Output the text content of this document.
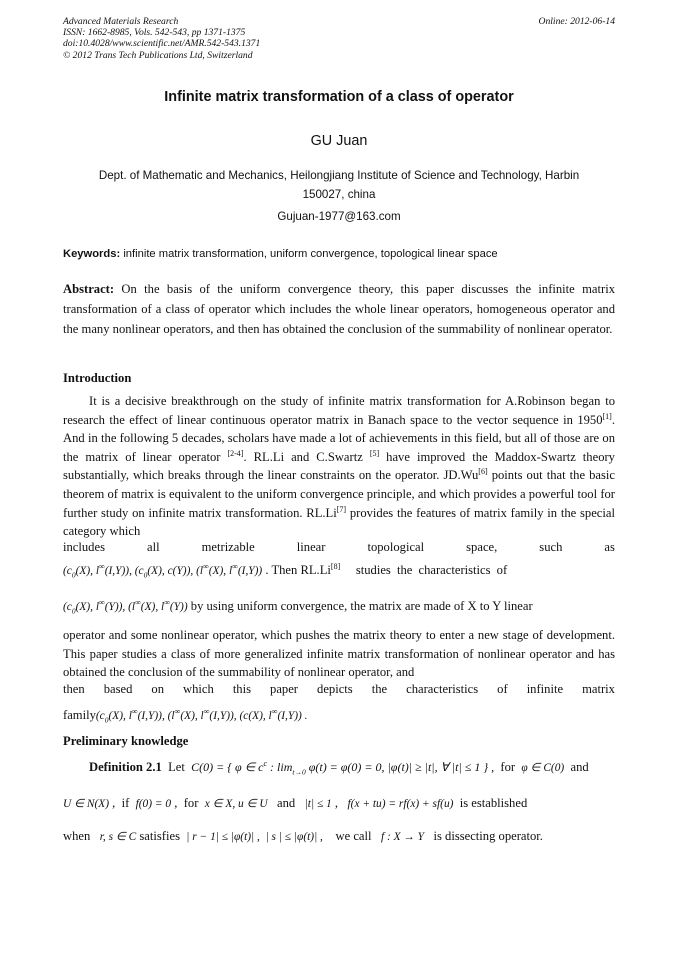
Advanced Materials Research
ISSN: 1662-8985, Vols. 542-543, pp 1371-1375
doi:10.4028/www.scientific.net/AMR.542-543.1371
© 2012 Trans Tech Publications Ltd, Switzerland
Online: 2012-06-14
Infinite matrix transformation of a class of operator
GU Juan
Dept. of Mathematic and Mechanics, Heilongjiang Institute of Science and Technology, Harbin
150027, china
Gujuan-1977@163.com
Keywords: infinite matrix transformation, uniform convergence, topological linear space
Abstract: On the basis of the uniform convergence theory, this paper discusses the infinite matrix transformation of a class of operator which includes the whole linear operators, homogeneous operator and the many nonlinear operators, and then has obtained the conclusion of the summability of nonlinear operator.
Introduction
It is a decisive breakthrough on the study of infinite matrix transformation for A.Robinson began to research the effect of linear continuous operator matrix in Banach space to the vector sequence in 1950[1]. And in the following 5 decades, scholars have made a lot of achievements in this field, but all of those are on the matrix of linear operator [2-4]. RL.Li and C.Swartz [5] have improved the Maddox-Swartz theory substantially, which breaks through the linear constraints on the operator. JD.Wu[6] points out that the basic theorem of matrix is equivalent to the uniform convergence principle, and which provides a powerful tool for further study on infinite matrix transformation. RL.Li[7] provides the features of matrix family in the special category which
includes	all	metrizable	linear	topological	space,	such	as
($c_0(X)$, l∞(I,Y)), ($c_0(X)$, c(Y)), (l∞(X), l∞(I,Y)) . Then RL.Li[8]    studies the characteristics of
($c_0(X)$, l∞(Y)), (l∞(X), l∞(Y)) by using uniform convergence, the matrix are made of X to Y linear
operator and some nonlinear operator, which pushes the matrix theory to enter a new stage of development. This paper studies a class of more generalized infinite matrix transformation of nonlinear operator and has obtained the conclusion of the summability of nonlinear operator, and
then based on which this paper depicts the characteristics of infinite matrix
$family(c_0(X)$, l∞(I,Y)), (l∞(X), l∞(I,Y)), (c(X), l∞(I,Y)) .
Preliminary knowledge
Definition 2.1 Let C(0) = { φ ∈ $c^c$ : $\lim_{t\to 0} \varphi(t) = \varphi(0) = 0$, |φ(t)| ≥ |t|, ∀ |t| ≤ 1 } , for φ ∈ C(0) and
U ∈ N(X) ,  if f(0) = 0 ,  for x ∈ X, u ∈ U and |t| ≤ 1 ,   f(x + tu) = rf(x) + sf(u) is established
when r, s ∈ C satisfies | r − 1| ≤ |φ(t)| ,  | s | ≤ |φ(t)| , we call f : X → Y is dissecting operator.
